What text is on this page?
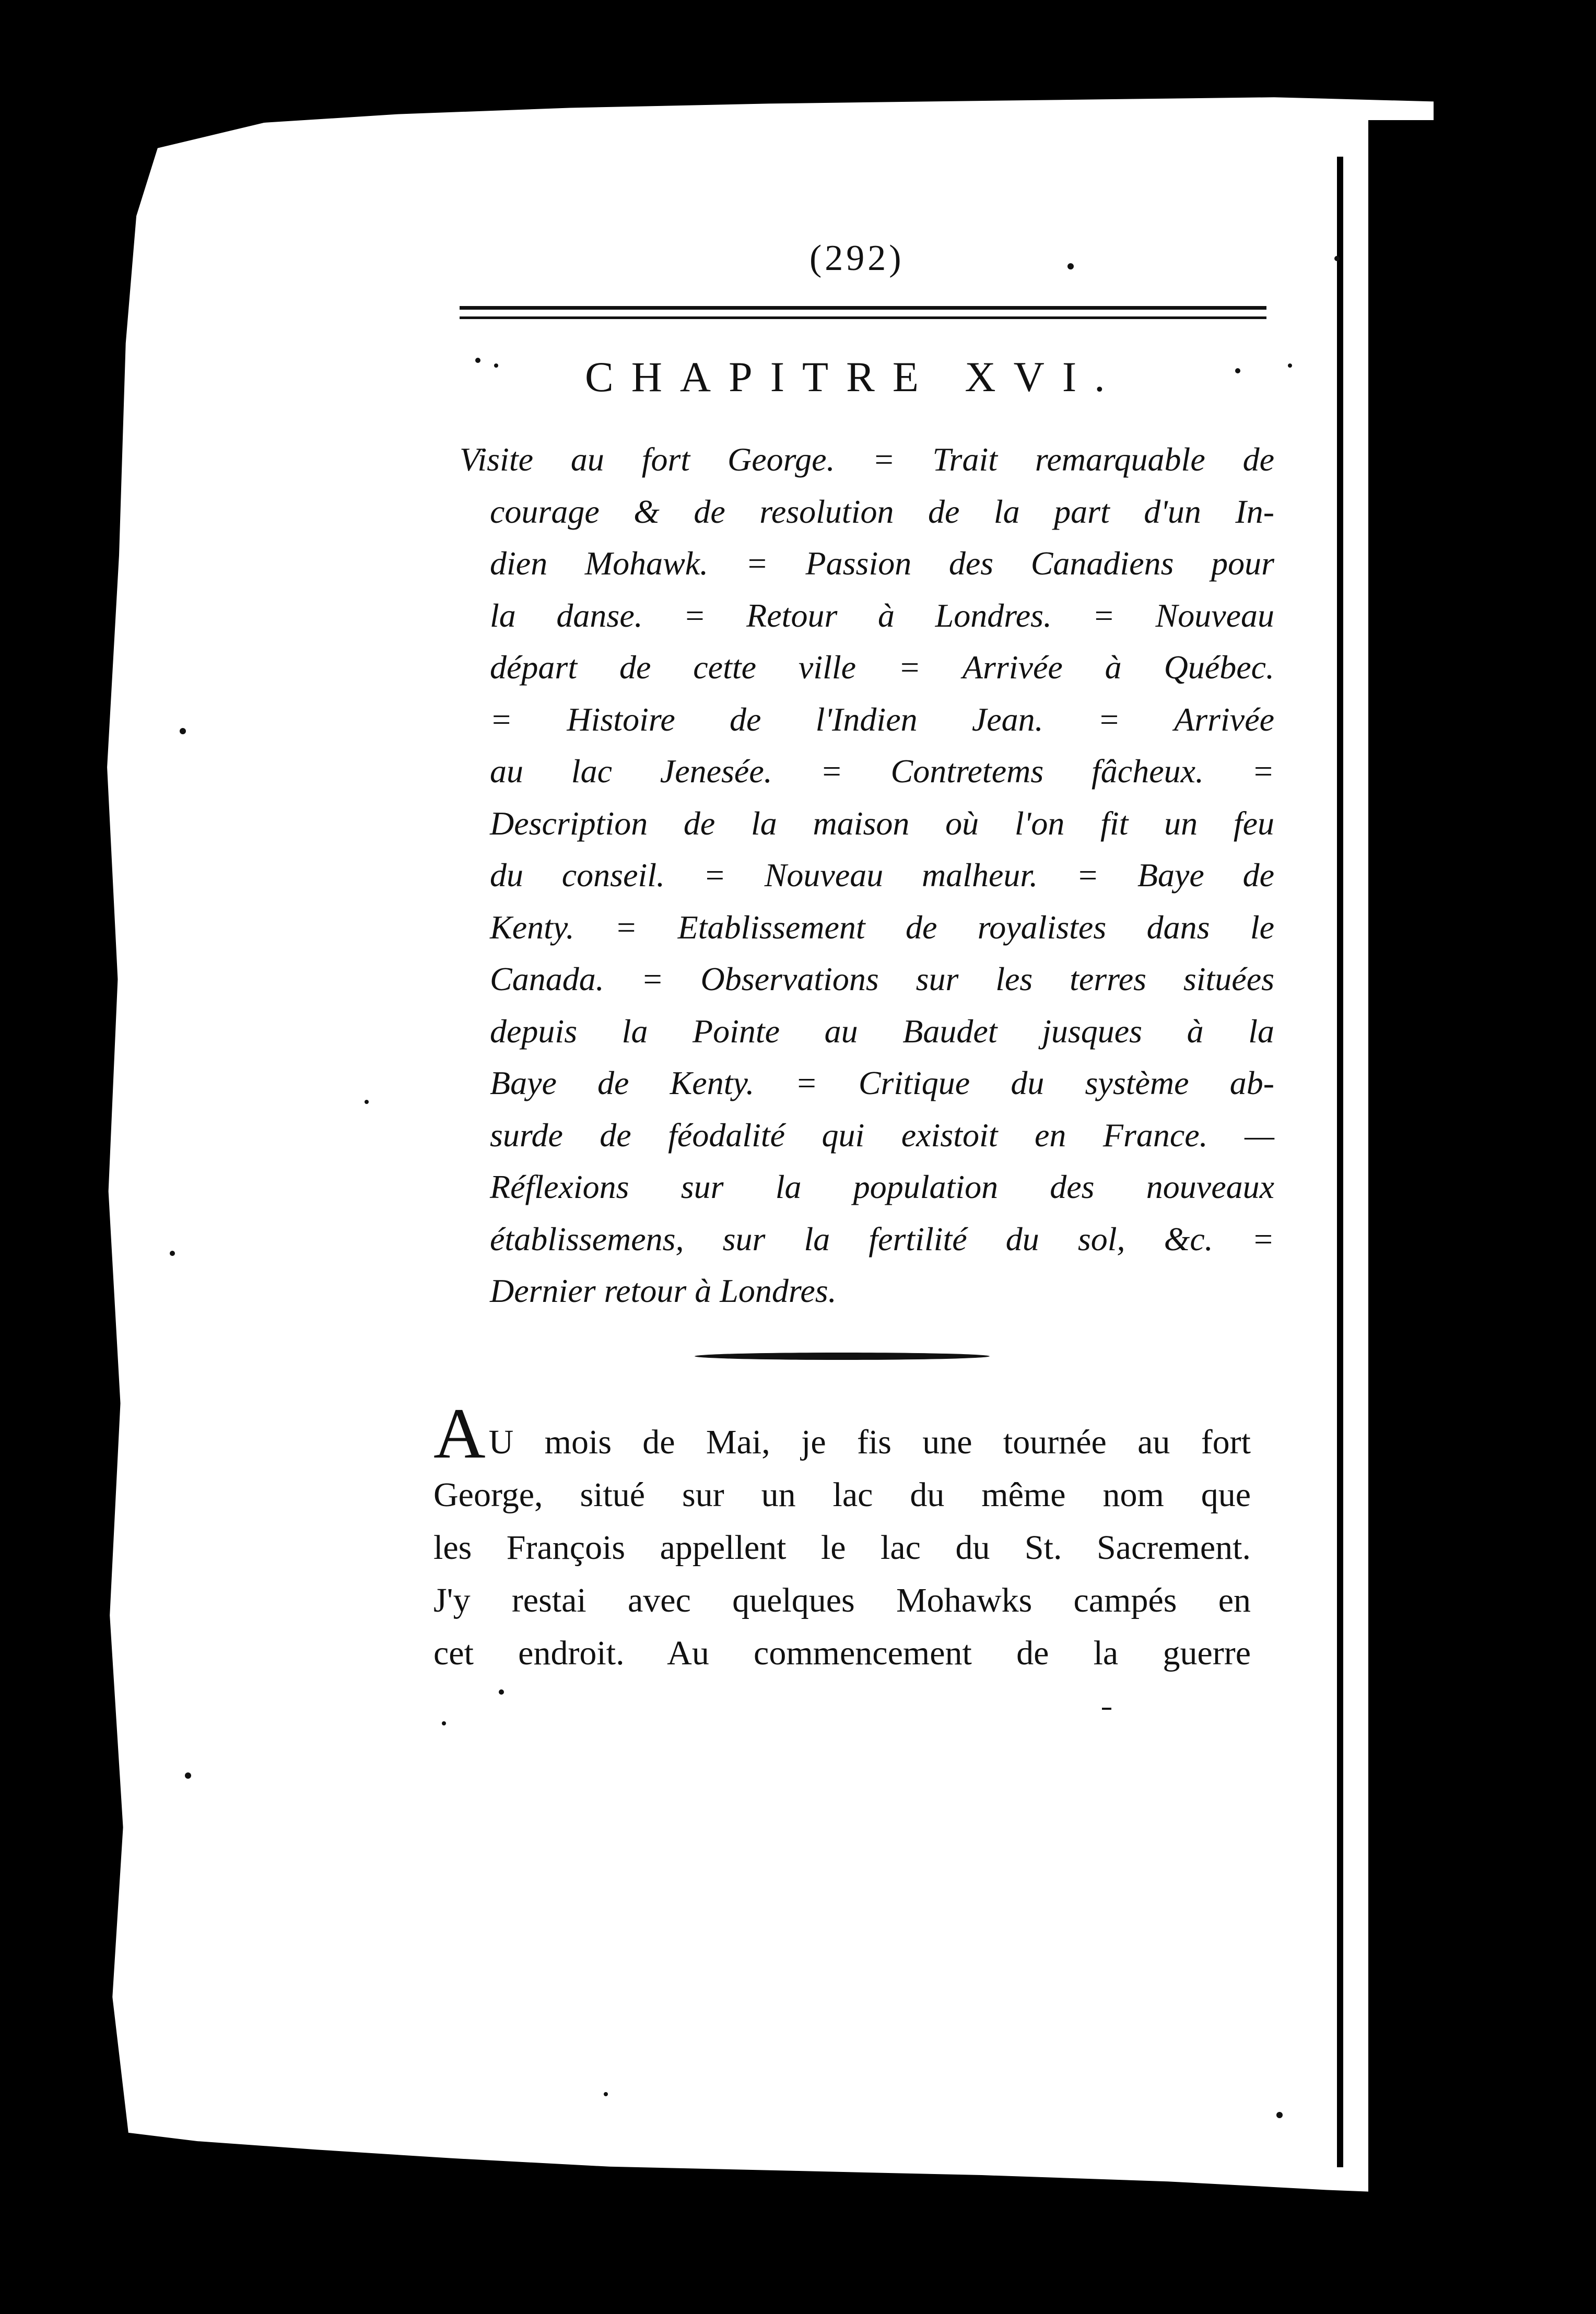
(292)
CHAPITRE XVI.
Visite au fort George. = Trait remarquable de
courage & de resolution de la part d'un In-
dien Mohawk. = Passion des Canadiens pour
la danse. = Retour à Londres. = Nouveau
départ de cette ville = Arrivée à Québec.
= Histoire de l'Indien Jean. = Arrivée
au lac Jenesée. = Contretems fâcheux. =
Description de la maison où l'on fit un feu
du conseil. = Nouveau malheur. = Baye de
Kenty. = Etablissement de royalistes dans le
Canada. = Observations sur les terres situées
depuis la Pointe au Baudet jusques à la
Baye de Kenty. = Critique du système ab-
surde de féodalité qui existoit en France. —
Réflexions sur la population des nouveaux
établissemens, sur la fertilité du sol, &c. =
Dernier retour à Londres.
AU mois de Mai, je fis une tournée au fort
George, situé sur un lac du même nom que
les François appellent le lac du St. Sacrement.
J'y restai avec quelques Mohawks campés en
cet endroit. Au commencement de la guerre
